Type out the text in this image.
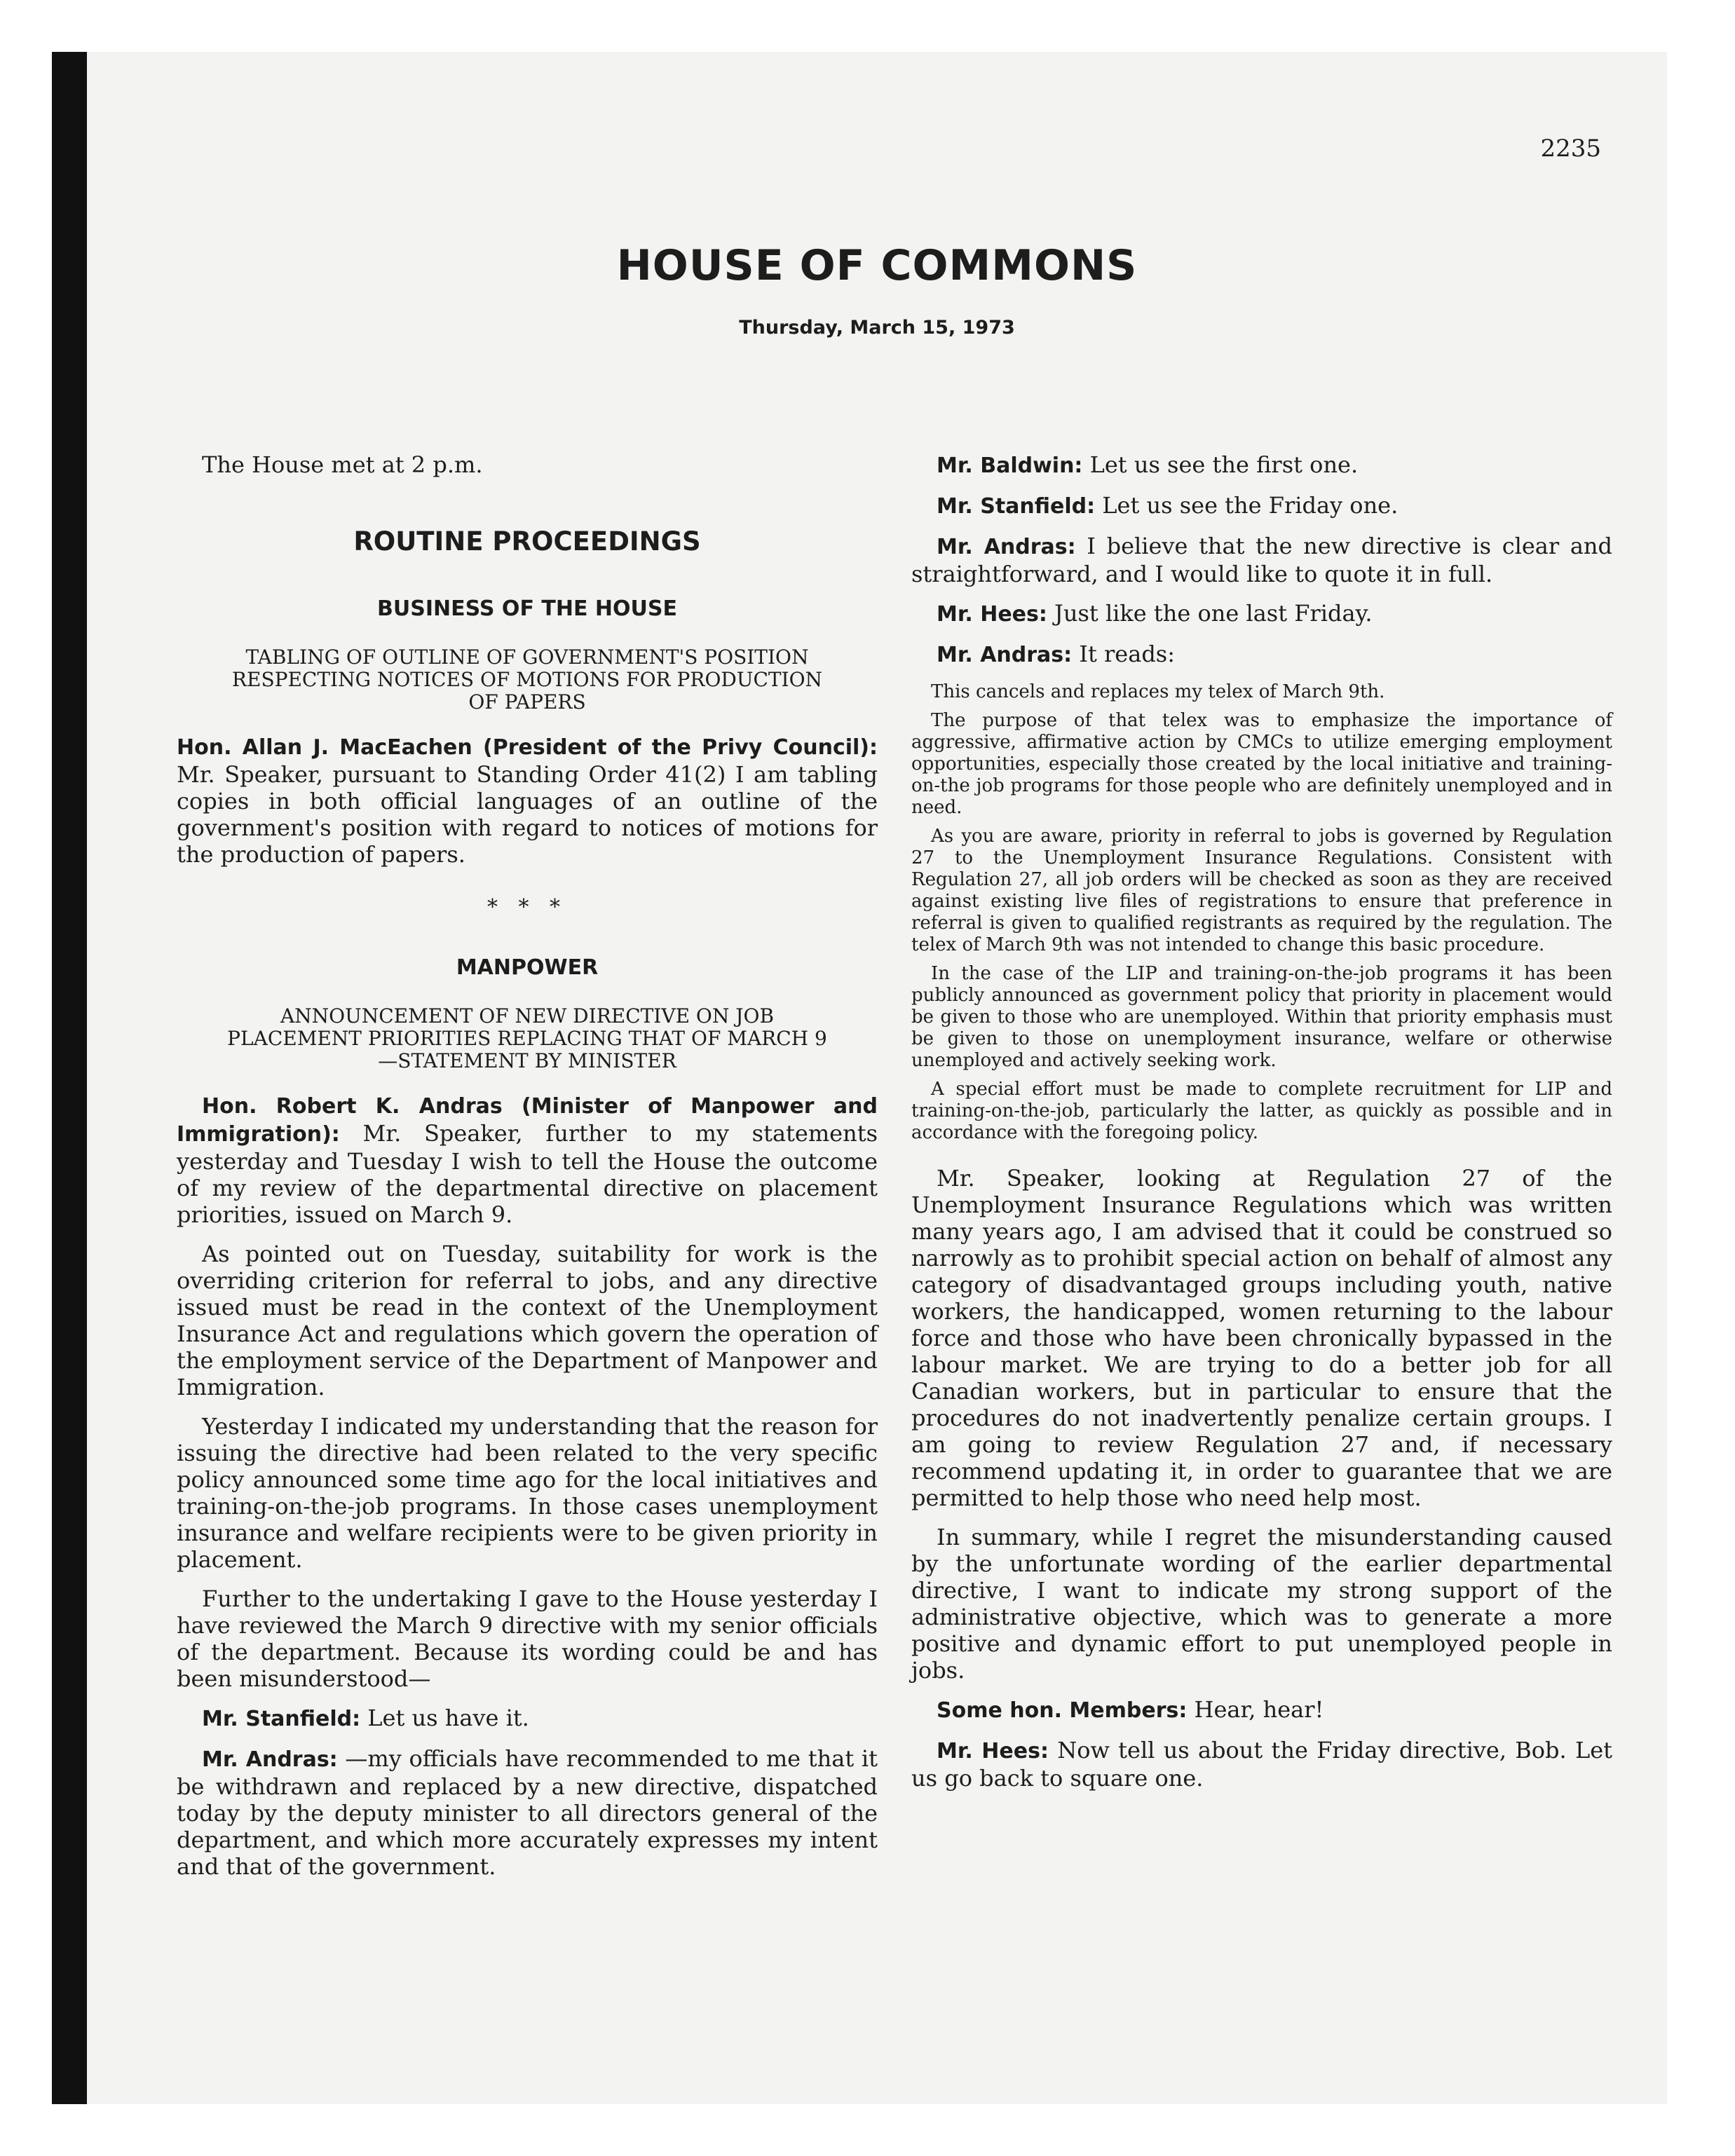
2235
HOUSE OF COMMONS
Thursday, March 15, 1973

The House met at 2 p.m.

ROUTINE PROCEEDINGS
BUSINESS OF THE HOUSE
TABLING OF OUTLINE OF GOVERNMENT'S POSITION RESPECTING NOTICES OF MOTIONS FOR PRODUCTION OF PAPERS

Hon. Allan J. MacEachen (President of the Privy Council): Mr. Speaker, pursuant to Standing Order 41(2) I am tabling copies in both official languages of an outline of the government's position with regard to notices of motions for the production of papers.

* * *
MANPOWER
ANNOUNCEMENT OF NEW DIRECTIVE ON JOB PLACEMENT PRIORITIES REPLACING THAT OF MARCH 9—STATEMENT BY MINISTER

Hon. Robert K. Andras (Minister of Manpower and Immigration): Mr. Speaker, further to my statements yesterday and Tuesday I wish to tell the House the outcome of my review of the departmental directive on placement priorities, issued on March 9.

As pointed out on Tuesday, suitability for work is the overriding criterion for referral to jobs, and any directive issued must be read in the context of the Unemployment Insurance Act and regulations which govern the operation of the employment service of the Department of Manpower and Immigration.

Yesterday I indicated my understanding that the reason for issuing the directive had been related to the very specific policy announced some time ago for the local initiatives and training-on-the-job programs. In those cases unemployment insurance and welfare recipients were to be given priority in placement.

Further to the undertaking I gave to the House yesterday I have reviewed the March 9 directive with my senior officials of the department. Because its wording could be and has been misunderstood—

Mr. Stanfield: Let us have it.

Mr. Andras: —my officials have recommended to me that it be withdrawn and replaced by a new directive, dispatched today by the deputy minister to all directors general of the department, and which more accurately expresses my intent and that of the government.

Mr. Baldwin: Let us see the first one.

Mr. Stanfield: Let us see the Friday one.

Mr. Andras: I believe that the new directive is clear and straightforward, and I would like to quote it in full.

Mr. Hees: Just like the one last Friday.

Mr. Andras: It reads:

This cancels and replaces my telex of March 9th.

The purpose of that telex was to emphasize the importance of aggressive, affirmative action by CMCs to utilize emerging employment opportunities, especially those created by the local initiative and training-on-the job programs for those people who are definitely unemployed and in need.

As you are aware, priority in referral to jobs is governed by Regulation 27 to the Unemployment Insurance Regulations. Consistent with Regulation 27, all job orders will be checked as soon as they are received against existing live files of registrations to ensure that preference in referral is given to qualified registrants as required by the regulation. The telex of March 9th was not intended to change this basic procedure.

In the case of the LIP and training-on-the-job programs it has been publicly announced as government policy that priority in placement would be given to those who are unemployed. Within that priority emphasis must be given to those on unemployment insurance, welfare or otherwise unemployed and actively seeking work.

A special effort must be made to complete recruitment for LIP and training-on-the-job, particularly the latter, as quickly as possible and in accordance with the foregoing policy.

Mr. Speaker, looking at Regulation 27 of the Unemployment Insurance Regulations which was written many years ago, I am advised that it could be construed so narrowly as to prohibit special action on behalf of almost any category of disadvantaged groups including youth, native workers, the handicapped, women returning to the labour force and those who have been chronically bypassed in the labour market. We are trying to do a better job for all Canadian workers, but in particular to ensure that the procedures do not inadvertently penalize certain groups. I am going to review Regulation 27 and, if necessary recommend updating it, in order to guarantee that we are permitted to help those who need help most.

In summary, while I regret the misunderstanding caused by the unfortunate wording of the earlier departmental directive, I want to indicate my strong support of the administrative objective, which was to generate a more positive and dynamic effort to put unemployed people in jobs.

Some hon. Members: Hear, hear!

Mr. Hees: Now tell us about the Friday directive, Bob. Let us go back to square one.
